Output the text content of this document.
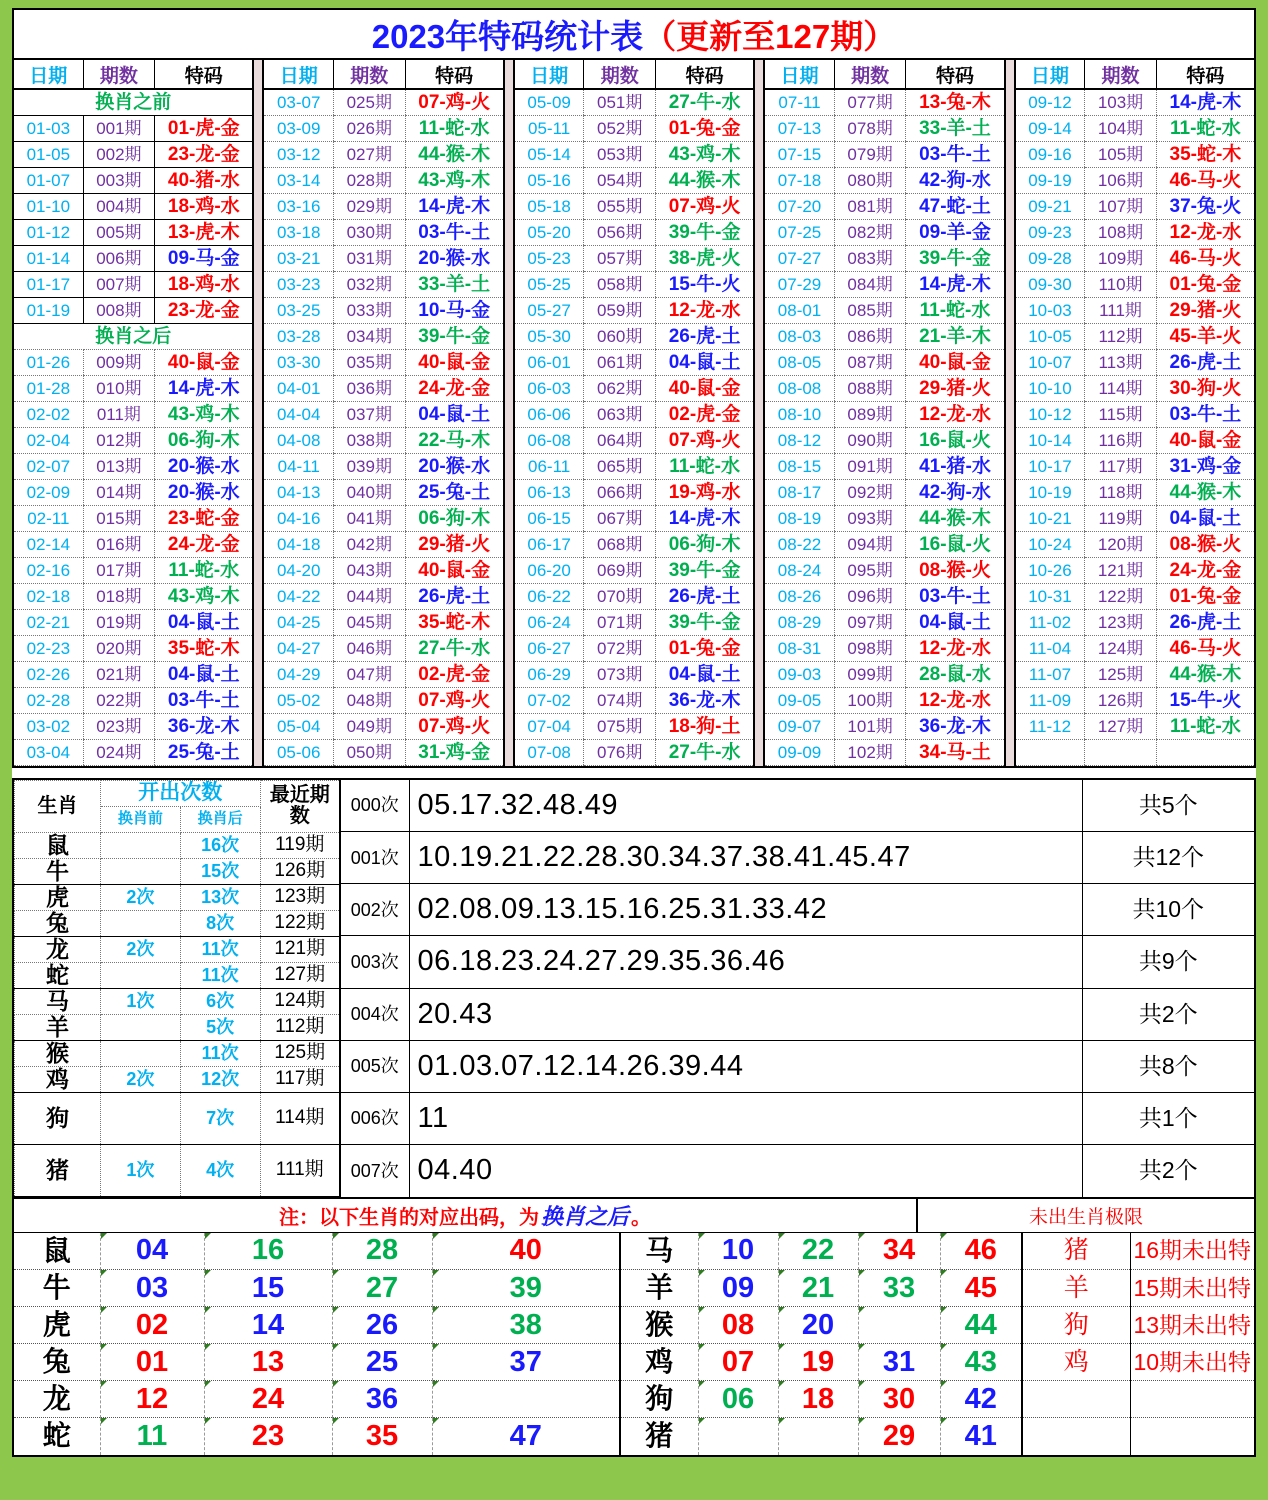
2023年特码统计表 （更新至127期）
日期	期数	特码
换肖之前		
01-03	001期	01-虎-金
01-05	002期	23-龙-金
01-07	003期	40-猪-水
01-10	004期	18-鸡-水
01-12	005期	13-虎-木
01-14	006期	09-马-金
01-17	007期	18-鸡-水
01-19	008期	23-龙-金
换肖之后		
01-26	009期	40-鼠-金
01-28	010期	14-虎-木
02-02	011期	43-鸡-木
02-04	012期	06-狗-木
02-07	013期	20-猴-水
02-09	014期	20-猴-水
02-11	015期	23-蛇-金
02-14	016期	24-龙-金
02-16	017期	11-蛇-水
02-18	018期	43-鸡-木
02-21	019期	04-鼠-土
02-23	020期	35-蛇-木
02-26	021期	04-鼠-土
02-28	022期	03-牛-土
03-02	023期	36-龙-木
03-04	024期	25-兔-土
日期	期数	特码
03-07	025期	07-鸡-火
03-09	026期	11-蛇-水
03-12	027期	44-猴-木
03-14	028期	43-鸡-木
03-16	029期	14-虎-木
03-18	030期	03-牛-土
03-21	031期	20-猴-水
03-23	032期	33-羊-土
03-25	033期	10-马-金
03-28	034期	39-牛-金
03-30	035期	40-鼠-金
04-01	036期	24-龙-金
04-04	037期	04-鼠-土
04-08	038期	22-马-木
04-11	039期	20-猴-水
04-13	040期	25-兔-土
04-16	041期	06-狗-木
04-18	042期	29-猪-火
04-20	043期	40-鼠-金
04-22	044期	26-虎-土
04-25	045期	35-蛇-木
04-27	046期	27-牛-水
04-29	047期	02-虎-金
05-02	048期	07-鸡-火
05-04	049期	07-鸡-火
05-06	050期	31-鸡-金
日期	期数	特码
05-09	051期	27-牛-水
05-11	052期	01-兔-金
05-14	053期	43-鸡-木
05-16	054期	44-猴-木
05-18	055期	07-鸡-火
05-20	056期	39-牛-金
05-23	057期	38-虎-火
05-25	058期	15-牛-火
05-27	059期	12-龙-水
05-30	060期	26-虎-土
06-01	061期	04-鼠-土
06-03	062期	40-鼠-金
06-06	063期	02-虎-金
06-08	064期	07-鸡-火
06-11	065期	11-蛇-水
06-13	066期	19-鸡-水
06-15	067期	14-虎-木
06-17	068期	06-狗-木
06-20	069期	39-牛-金
06-22	070期	26-虎-土
06-24	071期	39-牛-金
06-27	072期	01-兔-金
06-29	073期	04-鼠-土
07-02	074期	36-龙-木
07-04	075期	18-狗-土
07-08	076期	27-牛-水
日期	期数	特码
07-11	077期	13-兔-木
07-13	078期	33-羊-土
07-15	079期	03-牛-土
07-18	080期	42-狗-水
07-20	081期	47-蛇-土
07-25	082期	09-羊-金
07-27	083期	39-牛-金
07-29	084期	14-虎-木
08-01	085期	11-蛇-水
08-03	086期	21-羊-木
08-05	087期	40-鼠-金
08-08	088期	29-猪-火
08-10	089期	12-龙-水
08-12	090期	16-鼠-火
08-15	091期	41-猪-水
08-17	092期	42-狗-水
08-19	093期	44-猴-木
08-22	094期	16-鼠-火
08-24	095期	08-猴-火
08-26	096期	03-牛-土
08-29	097期	04-鼠-土
08-31	098期	12-龙-水
09-03	099期	28-鼠-水
09-05	100期	12-龙-水
09-07	101期	36-龙-木
09-09	102期	34-马-土
日期	期数	特码
09-12	103期	14-虎-木
09-14	104期	11-蛇-水
09-16	105期	35-蛇-木
09-19	106期	46-马-火
09-21	107期	37-兔-火
09-23	108期	12-龙-水
09-28	109期	46-马-火
09-30	110期	01-兔-金
10-03	111期	29-猪-火
10-05	112期	45-羊-火
10-07	113期	26-虎-土
10-10	114期	30-狗-火
10-12	115期	03-牛-土
10-14	116期	40-鼠-金
10-17	117期	31-鸡-金
10-19	118期	44-猴-木
10-21	119期	04-鼠-土
10-24	120期	08-猴-火
10-26	121期	24-龙-金
10-31	122期	01-兔-金
11-02	123期	26-虎-土
11-04	124期	46-马-火
11-07	125期	44-猴-木
11-09	126期	15-牛-火
11-12	127期	11-蛇-水

生肖	开出次数		最近期数
	换肖前	换肖后	
鼠		16次	119期
牛		15次	126期
虎	2次	13次	123期
兔		8次	122期
龙	2次	11次	121期
蛇		11次	127期
马	1次	6次	124期
羊		5次	112期
猴		11次	125期
鸡	2次	12次	117期
狗		7次	114期
猪	1次	4次	111期
000次	05.17.32.48.49	共5个
001次	10.19.21.22.28.30.34.37.38.41.45.47	共12个
002次	02.08.09.13.15.16.25.31.33.42	共10个
003次	06.18.23.24.27.29.35.36.46	共9个
004次	20.43	共2个
005次	01.03.07.12.14.26.39.44	共8个
006次	11	共1个
007次	04.40	共2个
注：以下生肖的对应出码，为 换肖之后 。	未出生肖极限
鼠	04	16	28	40	马	10	22	34	46	猪	16期未出特
牛	03	15	27	39	羊	09	21	33	45	羊	15期未出特
虎	02	14	26	38	猴	08	20		44	狗	13期未出特
兔	01	13	25	37	鸡	07	19	31	43	鸡	10期未出特
龙	12	24	36		狗	06	18	30	42		
蛇	11	23	35	47	猪			29	41		
